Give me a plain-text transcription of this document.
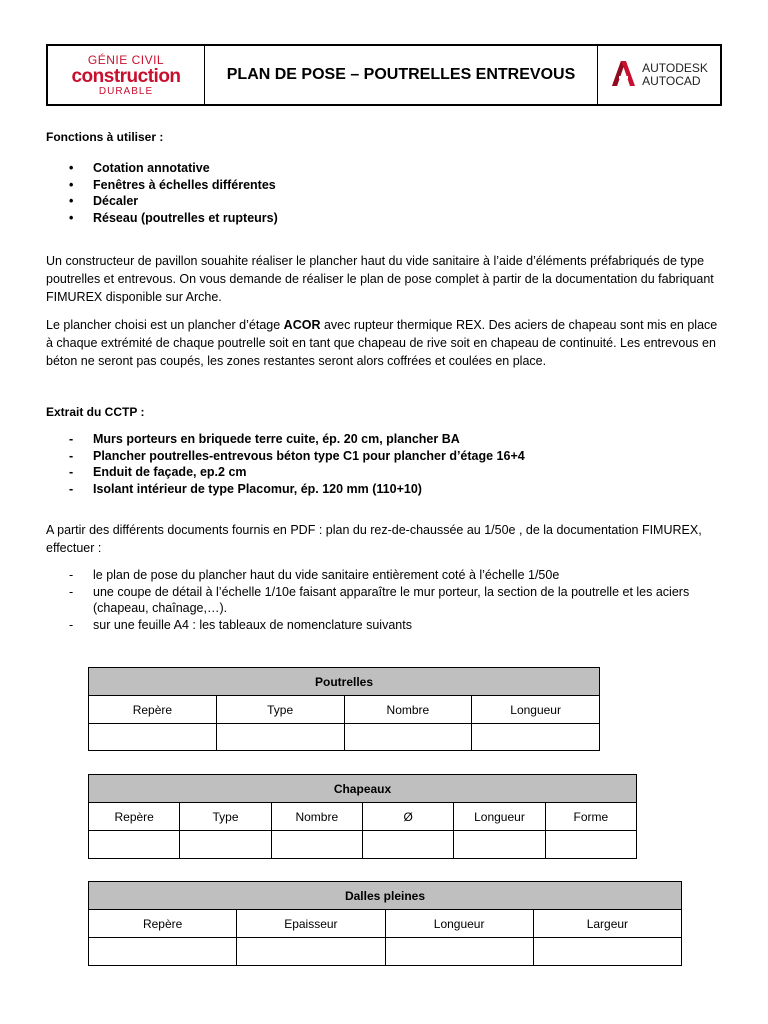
GÉNIE CIVIL
construction
DURABLE
PLAN DE POSE – POUTRELLES ENTREVOUS	AUTODESK
AUTOCAD

Fonctions à utiliser :

• Cotation annotative
• Fenêtres à échelles différentes
• Décaler
• Réseau (poutrelles et rupteurs)

Un constructeur de pavillon souahite réaliser le plancher haut du vide sanitaire à l’aide d’éléments préfabriqués de type poutrelles et entrevous. On vous demande de réaliser le plan de pose complet à partir de la documentation du fabriquant FIMUREX disponible sur Arche.

Le plancher choisi est un plancher d’étage ACOR avec rupteur thermique REX. Des aciers de chapeau sont mis en place à chaque extrémité de chaque poutrelle soit en tant que chapeau de rive soit en chapeau de continuité. Les entrevous en béton ne seront pas coupés, les zones restantes seront alors coffrées et coulées en place.

Extrait du CCTP :

- Murs porteurs en briquede terre cuite, ép. 20 cm, plancher BA
- Plancher poutrelles-entrevous béton type C1 pour plancher d’étage 16+4
- Enduit de façade, ep.2 cm
- Isolant intérieur de type Placomur, ép. 120 mm (110+10)

A partir des différents documents fournis en PDF : plan du rez-de-chaussée au 1/50e , de la documentation FIMUREX, effectuer :

- le plan de pose du plancher haut du vide sanitaire entièrement coté à l’échelle 1/50e
- une coupe de détail à l’échelle 1/10e faisant apparaître le mur porteur, la section de la poutrelle et les aciers (chapeau, chaînage,…).
- sur une feuille A4 : les tableaux de nomenclature suivants
Poutrelles			
Repère	Type	Nombre	Longueur

Chapeaux					
Repère	Type	Nombre	Ø	Longueur	Forme

Dalles pleines			
Repère	Epaisseur	Longueur	Largeur
